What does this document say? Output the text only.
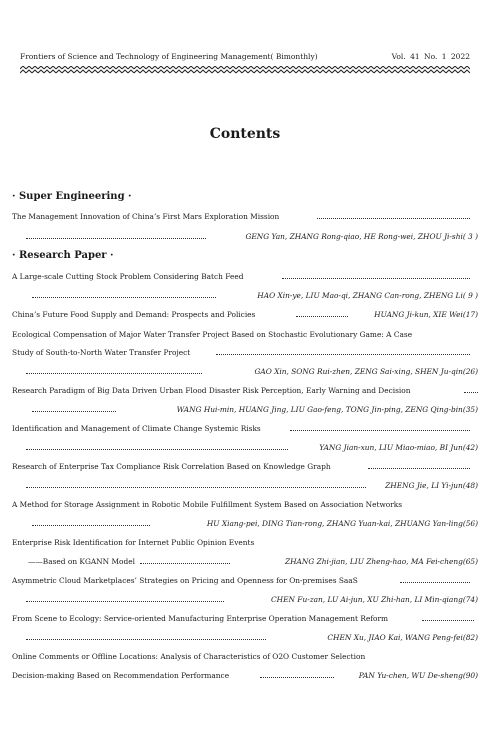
Frontiers of Science and Technology of Engineering Management( Bimonthly)	Vol. 41 No. 1 2022
Contents
· Super Engineering ·
The Management Innovation of China’s First Mars Exploration Mission
GENG Yan, ZHANG Rong-qiao, HE Rong-wei, ZHOU Ji-shi( 3 )
· Research Paper ·
A Large-scale Cutting Stock Problem Considering Batch Feed
HAO Xin-ye, LIU Mao-qi, ZHANG Can-rong, ZHENG Li( 9 )
China’s Future Food Supply and Demand: Prospects and Policies	HUANG Ji-kun, XIE Wei(17)
Ecological Compensation of Major Water Transfer Project Based on Stochastic Evolutionary Game: A Case
Study of South-to-North Water Transfer Project
GAO Xin, SONG Rui-zhen, ZENG Sai-xing, SHEN Ju-qin(26)
Research Paradigm of Big Data Driven Urban Flood Disaster Risk Perception, Early Warning and Decision
WANG Hui-min, HUANG Jing, LIU Gao-feng, TONG Jin-ping, ZENG Qing-bin(35)
Identification and Management of Climate Change Systemic Risks
YANG Jian-xun, LIU Miao-miao, BI Jun(42)
Research of Enterprise Tax Compliance Risk Correlation Based on Knowledge Graph
ZHENG Jie, LI Yi-jun(48)
A Method for Storage Assignment in Robotic Mobile Fulfillment System Based on Association Networks
HU Xiang-pei, DING Tian-rong, ZHANG Yuan-kai, ZHUANG Yan-ling(56)
Enterprise Risk Identification for Internet Public Opinion Events
——Based on KGANN Model	ZHANG Zhi-jian, LIU Zheng-hao, MA Fei-cheng(65)
Asymmetric Cloud Marketplaces’ Strategies on Pricing and Openness for On-premises SaaS
CHEN Fu-zan, LU Ai-jun, XU Zhi-han, LI Min-qiang(74)
From Scene to Ecology: Service-oriented Manufacturing Enterprise Operation Management Reform
CHEN Xu, JIAO Kai, WANG Peng-fei(82)
Online Comments or Offline Locations: Analysis of Characteristics of O2O Customer Selection
Decision-making Based on Recommendation Performance	PAN Yu-chen, WU De-sheng(90)
